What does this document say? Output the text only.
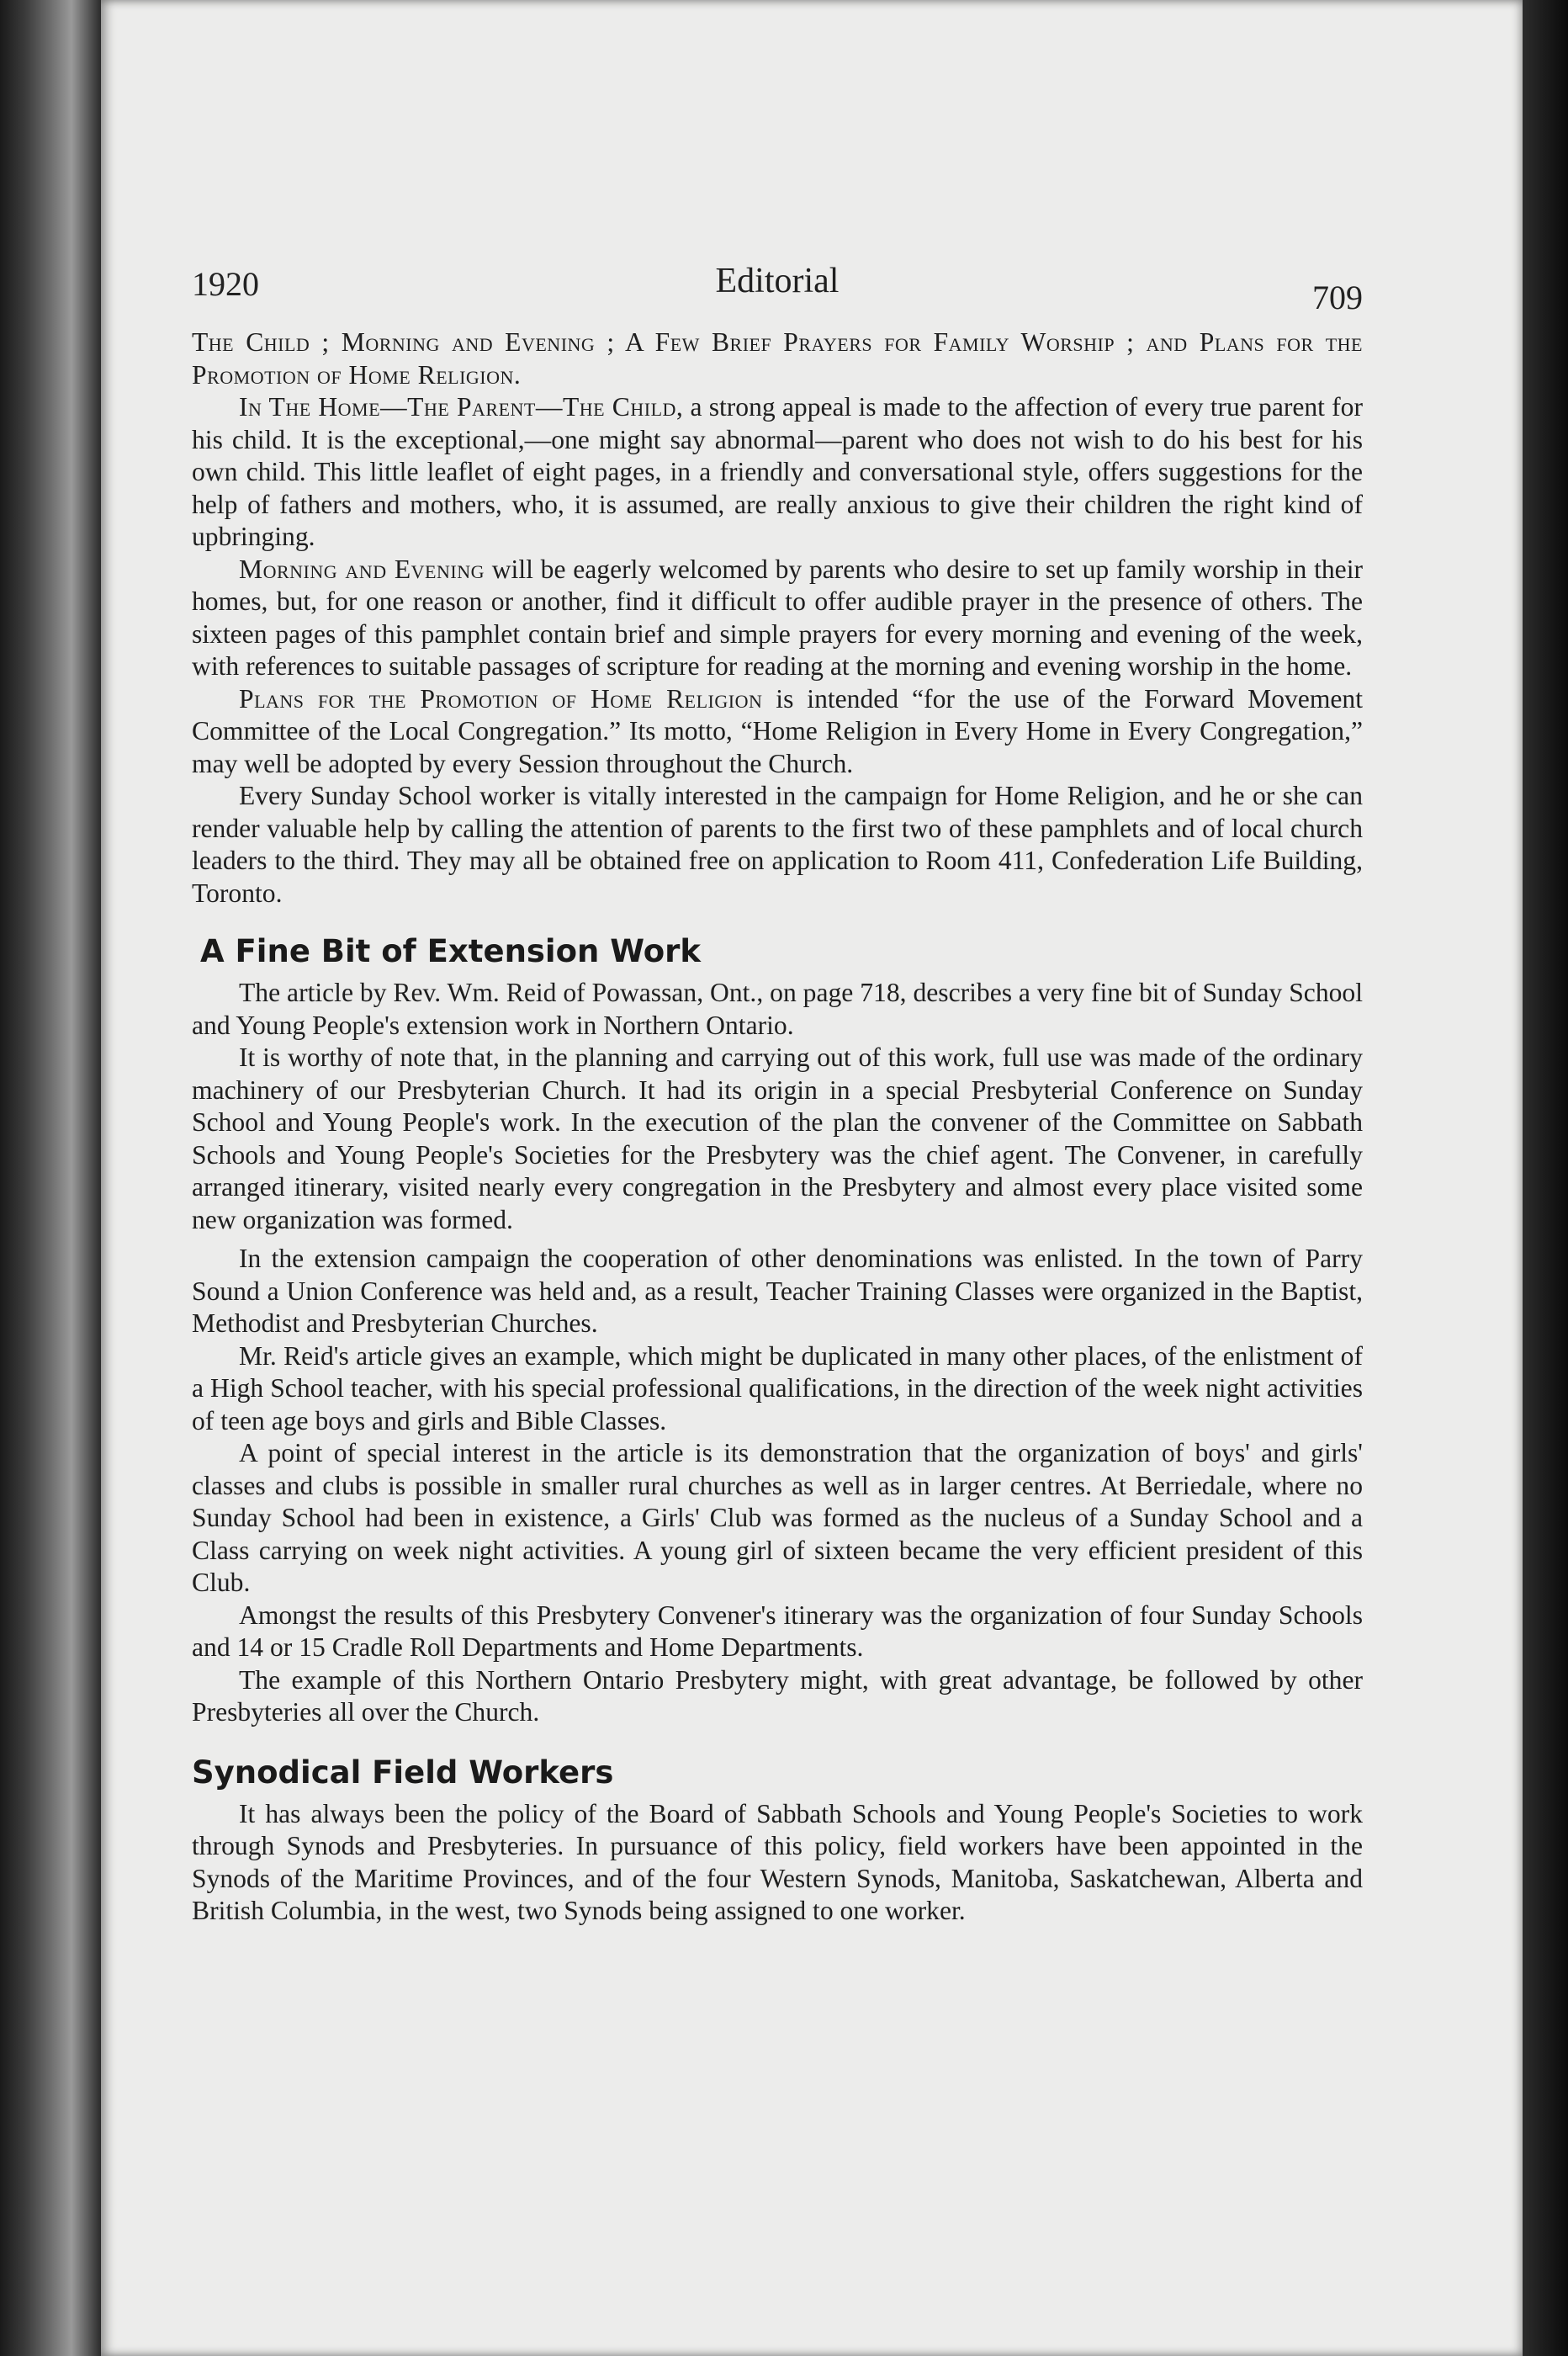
1920	Editorial	709

The Child ; Morning and Evening ; A Few Brief Prayers for Family Worship ; and Plans for the Promotion of Home Religion.

In The Home—The Parent—The Child, a strong appeal is made to the affection of every true parent for his child. It is the exceptional,—one might say abnormal—parent who does not wish to do his best for his own child. This little leaflet of eight pages, in a friendly and conversational style, offers suggestions for the help of fathers and mothers, who, it is assumed, are really anxious to give their children the right kind of upbringing.

Morning and Evening will be eagerly welcomed by parents who desire to set up family worship in their homes, but, for one reason or another, find it difficult to offer audible prayer in the presence of others. The sixteen pages of this pamphlet contain brief and simple prayers for every morning and evening of the week, with references to suitable passages of scripture for reading at the morning and evening worship in the home.

Plans for the Promotion of Home Religion is intended “for the use of the Forward Movement Committee of the Local Congregation.” Its motto, “Home Religion in Every Home in Every Congregation,” may well be adopted by every Session throughout the Church.

Every Sunday School worker is vitally interested in the campaign for Home Religion, and he or she can render valuable help by calling the attention of parents to the first two of these pamphlets and of local church leaders to the third. They may all be obtained free on application to Room 411, Confederation Life Building, Toronto.

A Fine Bit of Extension Work

The article by Rev. Wm. Reid of Powassan, Ont., on page 718, describes a very fine bit of Sunday School and Young People's extension work in Northern Ontario.

It is worthy of note that, in the planning and carrying out of this work, full use was made of the ordinary machinery of our Presbyterian Church. It had its origin in a special Presbyterial Conference on Sunday School and Young People's work. In the execution of the plan the convener of the Committee on Sabbath Schools and Young People's Societies for the Presbytery was the chief agent. The Convener, in carefully arranged itinerary, visited nearly every congregation in the Presbytery and almost every place visited some new organization was formed.

In the extension campaign the cooperation of other denominations was enlisted. In the town of Parry Sound a Union Conference was held and, as a result, Teacher Training Classes were organized in the Baptist, Methodist and Presbyterian Churches.

Mr. Reid's article gives an example, which might be duplicated in many other places, of the enlistment of a High School teacher, with his special professional qualifications, in the direction of the week night activities of teen age boys and girls and Bible Classes.

A point of special interest in the article is its demonstration that the organization of boys' and girls' classes and clubs is possible in smaller rural churches as well as in larger centres. At Berriedale, where no Sunday School had been in existence, a Girls' Club was formed as the nucleus of a Sunday School and a Class carrying on week night activities. A young girl of sixteen became the very efficient president of this Club.

Amongst the results of this Presbytery Convener's itinerary was the organization of four Sunday Schools and 14 or 15 Cradle Roll Departments and Home Departments.

The example of this Northern Ontario Presbytery might, with great advantage, be followed by other Presbyteries all over the Church.

Synodical Field Workers

It has always been the policy of the Board of Sabbath Schools and Young People's Societies to work through Synods and Presbyteries. In pursuance of this policy, field workers have been appointed in the Synods of the Maritime Provinces, and of the four Western Synods, Manitoba, Saskatchewan, Alberta and British Columbia, in the west, two Synods being assigned to one worker.
